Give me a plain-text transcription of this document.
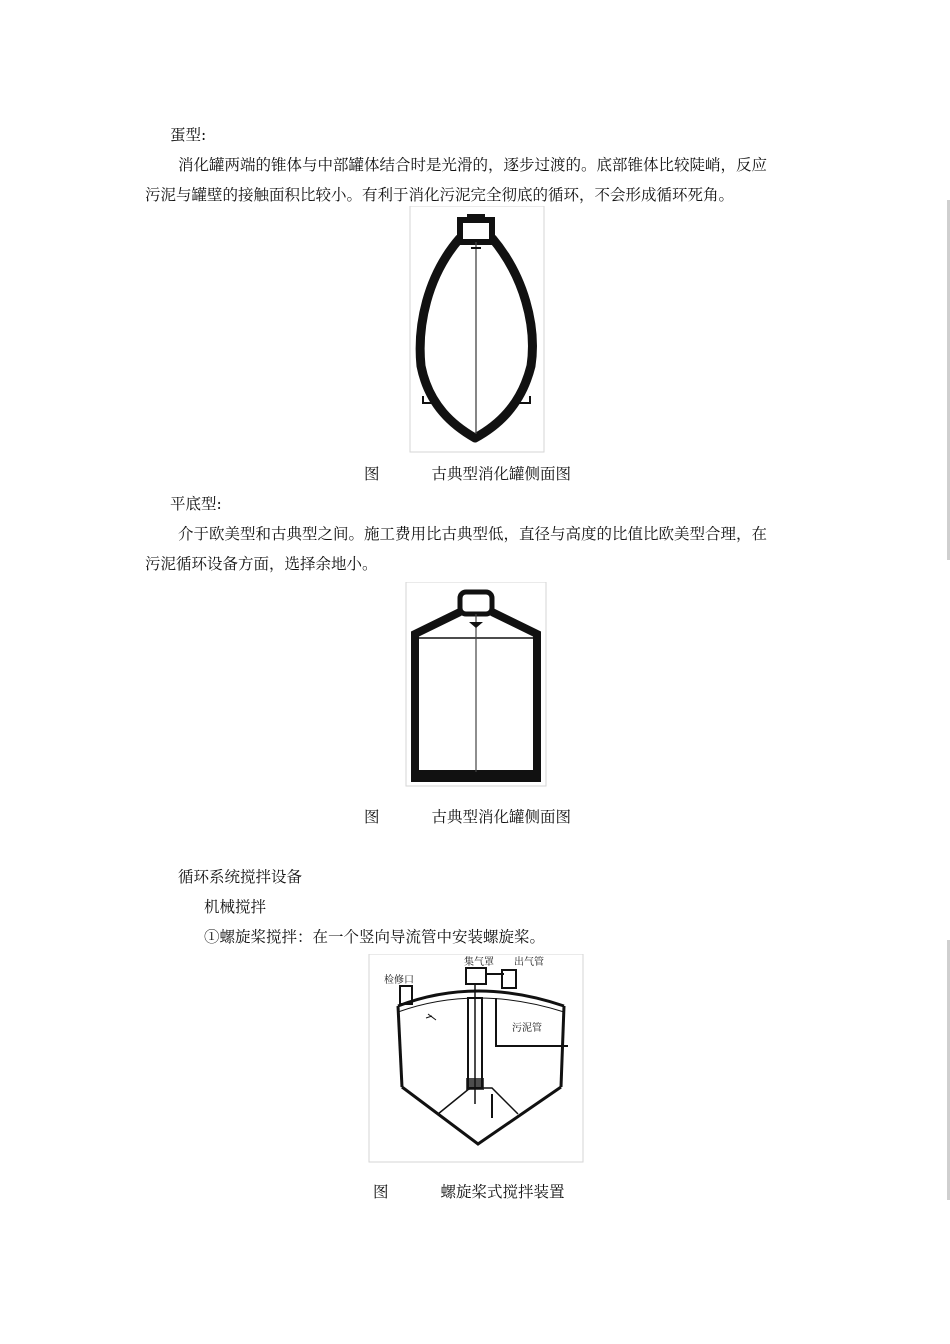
蛋型:
消化罐两端的锥体与中部罐体结合时是光滑的，逐步过渡的。底部锥体比较陡峭，反应
污泥与罐壁的接触面积比较小。有利于消化污泥完全彻底的循环，不会形成循环死角。
图	古典型消化罐侧面图
平底型:
介于欧美型和古典型之间。施工费用比古典型低，直径与高度的比值比欧美型合理，在
污泥循环设备方面，选择余地小。
图	古典型消化罐侧面图
循环系统搅拌设备
机械搅拌
①螺旋桨搅拌：在一个竖向导流管中安装螺旋桨。
集气罩 出气管
检修口
污泥管
图	螺旋桨式搅拌装置
